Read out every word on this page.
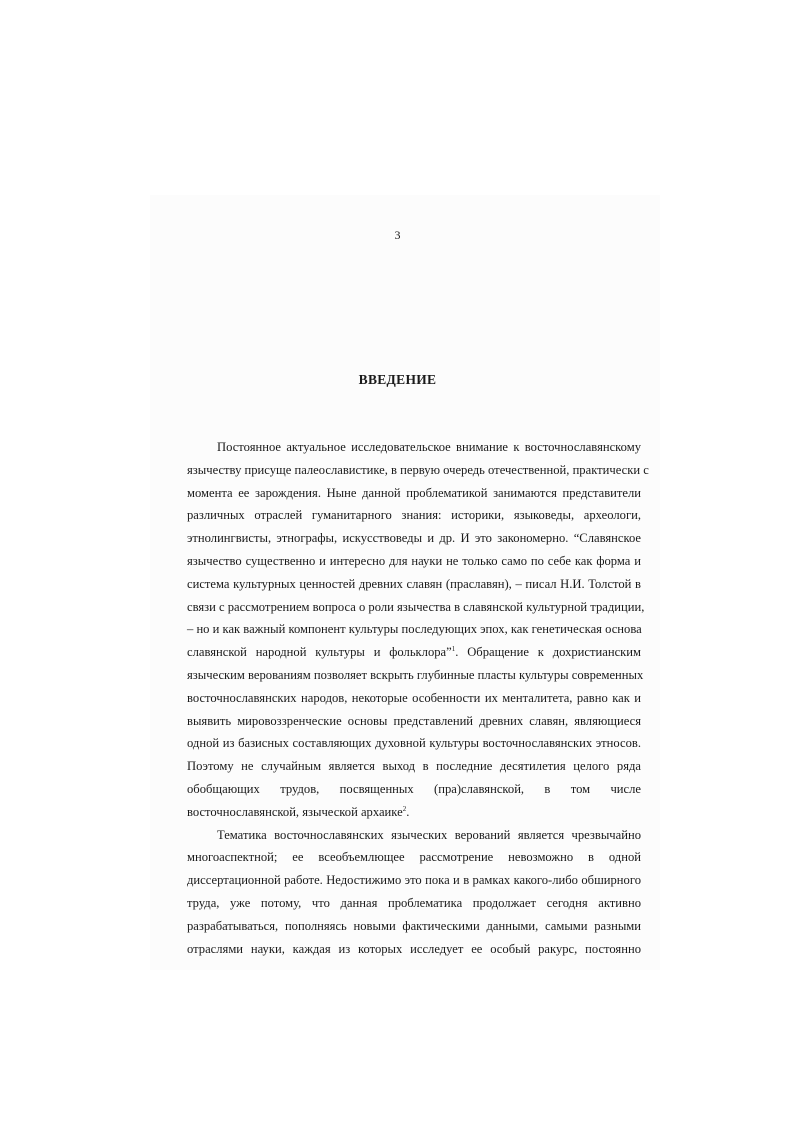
3
ВВЕДЕНИЕ
Постоянное актуальное исследовательское внимание к восточнославянскому
язычеству присуще палеославистике, в первую очередь отечественной, практически с
момента ее зарождения. Ныне данной проблематикой занимаются представители
различных отраслей гуманитарного знания: историки, языковеды, археологи,
этнолингвисты, этнографы, искусствоведы и др. И это закономерно. “Славянское
язычество существенно и интересно для науки не только само по себе как форма и
система культурных ценностей древних славян (праславян), – писал Н.И. Толстой в
связи с рассмотрением вопроса о роли язычества в славянской культурной традиции,
– но и как важный компонент культуры последующих эпох, как генетическая основа
славянской народной культуры и фольклора”$^1$. Обращение к дохристианским
языческим верованиям позволяет вскрыть глубинные пласты культуры современных
восточнославянских народов, некоторые особенности их менталитета, равно как и
выявить мировоззренческие основы представлений древних славян, являющиеся
одной из базисных составляющих духовной культуры восточнославянских этносов.
Поэтому не случайным является выход в последние десятилетия целого ряда
обобщающих трудов, посвященных (пра)славянской, в том числе
восточнославянской, языческой архаике$^2$.
Тематика восточнославянских языческих верований является чрезвычайно
многоаспектной; ее всеобъемлющее рассмотрение невозможно в одной
диссертационной работе. Недостижимо это пока и в рамках какого-либо обширного
труда, уже потому, что данная проблематика продолжает сегодня активно
разрабатываться, пополняясь новыми фактическими данными, самыми разными
отраслями науки, каждая из которых исследует ее особый ракурс, постоянно
